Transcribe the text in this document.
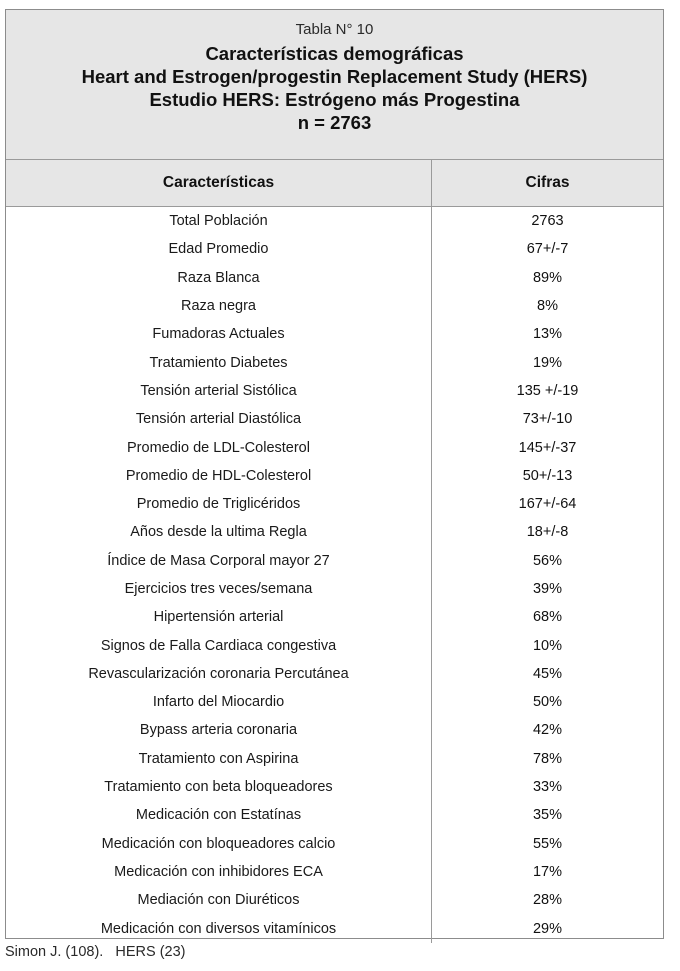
Tabla N° 10
Características demográficas
Heart and Estrogen/progestin Replacement Study (HERS)
Estudio HERS: Estrógeno más Progestina
n = 2763
Características	Cifras
Total Población	2763
Edad Promedio	67+/-7
Raza Blanca	89%
Raza negra	8%
Fumadoras Actuales	13%
Tratamiento Diabetes	19%
Tensión arterial Sistólica	135 +/-19
Tensión arterial Diastólica	73+/-10
Promedio de LDL-Colesterol	145+/-37
Promedio de HDL-Colesterol	50+/-13
Promedio de Triglicéridos	167+/-64
Años desde la ultima Regla	18+/-8
Índice de Masa Corporal mayor 27	56%
Ejercicios tres veces/semana	39%
Hipertensión arterial	68%
Signos de Falla Cardiaca congestiva	10%
Revascularización coronaria Percutánea	45%
Infarto del Miocardio	50%
Bypass arteria coronaria	42%
Tratamiento con Aspirina	78%
Tratamiento con beta bloqueadores	33%
Medicación con Estatínas	35%
Medicación con bloqueadores calcio	55%
Medicación con inhibidores ECA	17%
Mediación con Diuréticos	28%
Medicación con diversos vitamínicos	29%
Simon J. (108).   HERS (23)
